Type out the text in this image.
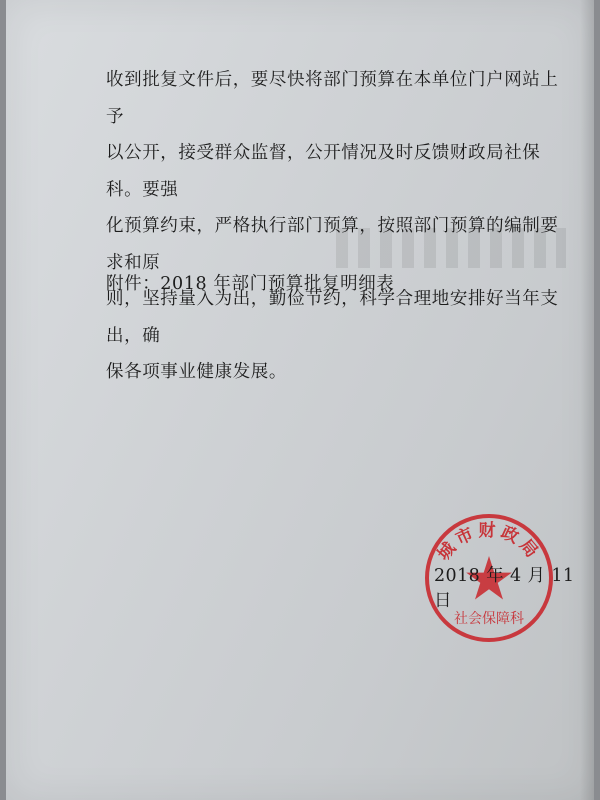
收到批复文件后，要尽快将部门预算在本单位门户网站上予

以公开，接受群众监督，公开情况及时反馈财政局社保科。要强

化预算约束，严格执行部门预算，按照部门预算的编制要求和原

则，坚持量入为出，勤俭节约，科学合理地安排好当年支出，确

保各项事业健康发展。

附件：2018 年部门预算批复明细表
城市财政局
社会保障科
2018 年 4 月 11 日
